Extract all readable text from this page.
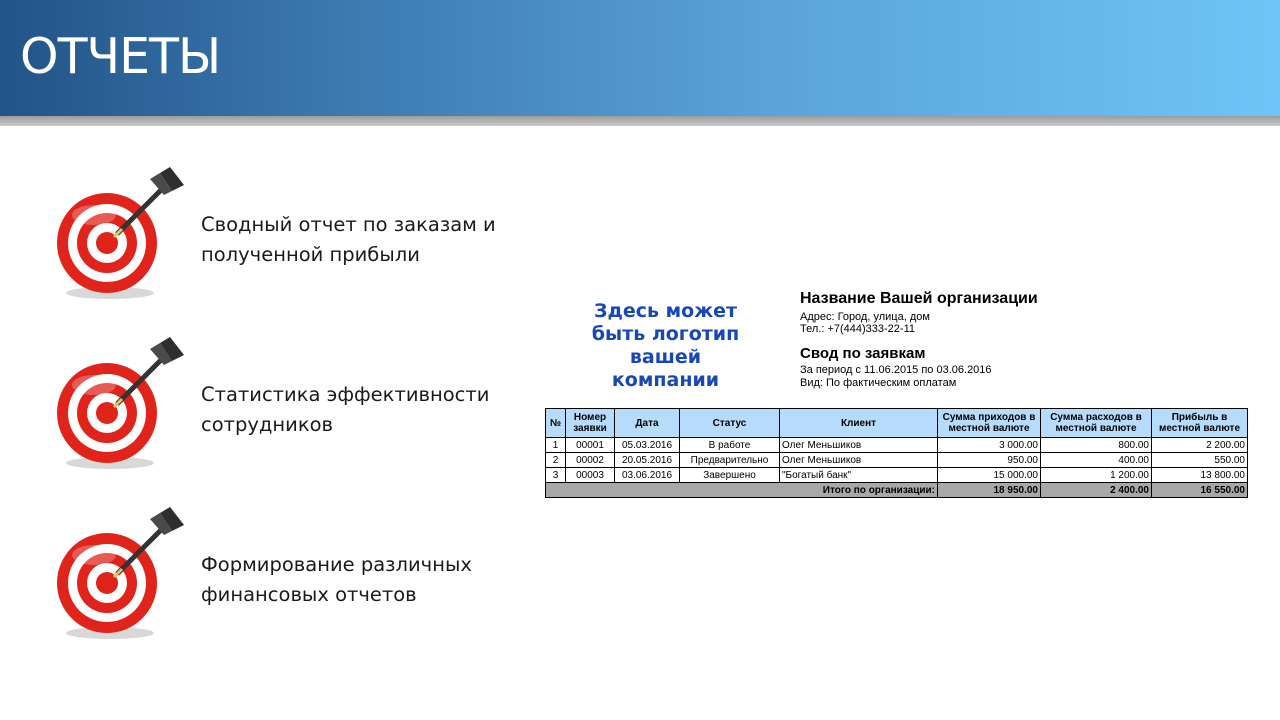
ОТЧЕТЫ
Сводный отчет по заказам и
полученной прибыли
Статистика эффективности
сотрудников
Формирование различных
финансовых отчетов
Здесь может
быть логотип
вашей
компании
Название Вашей организации
Адрес: Город, улица, дом
Тел.: +7(444)333-22-11
Свод по заявкам
За период с 11.06.2015 по 03.06.2016
Вид: По фактическим оплатам
№	Номер заявки	Дата	Статус	Клиент	Сумма приходов в местной валюте	Сумма расходов в местной валюте	Прибыль в местной валюте
1	00001	05.03.2016	В работе	Олег Меньшиков	3 000.00	800.00	2 200.00
2	00002	20.05.2016	Предварительно	Олег Меньшиков	950.00	400.00	550.00
3	00003	03.06.2016	Завершено	"Богатый банк"	15 000.00	1 200.00	13 800.00
Итого по организации:					18 950.00	2 400.00	16 550.00
